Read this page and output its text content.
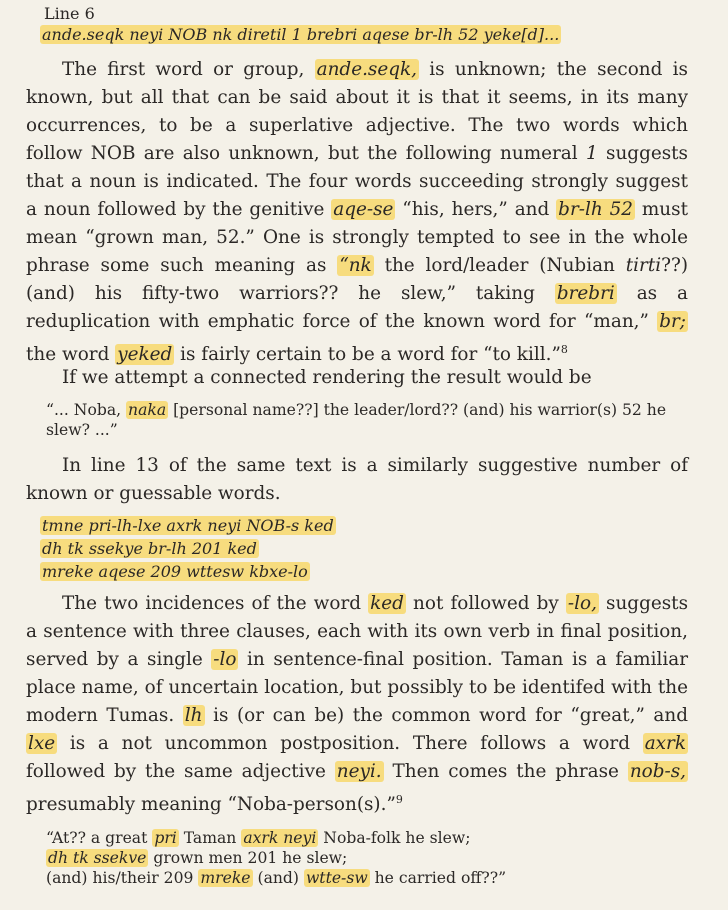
Line 6
ande.seqk neyi NOB nk diretil 1 brebri aqese br-lh 52 yeke[d]...
The first word or group, ande.seqk, is unknown; the second is known, but all that can be said about it is that it seems, in its many occurrences, to be a superlative adjective. The two words which follow NOB are also unknown, but the following numeral 1 suggests that a noun is indicated. The four words succeeding strongly suggest a noun followed by the genitive aqe-se “his, hers,” and br-lh 52 must mean “grown man, 52.” One is strongly tempted to see in the whole phrase some such meaning as “nk the lord/leader (Nubian tirti??) (and) his fifty-two warriors?? he slew,” taking brebri as a reduplication with emphatic force of the known word for “man,” br; the word yeked is fairly certain to be a word for “to kill.”$^8$
If we attempt a connected rendering the result would be
“... Noba, naka [personal name??] the leader/lord?? (and) his warrior(s) 52 he slew? ...”
In line 13 of the same text is a similarly suggestive number of known or guessable words.
tmne pri-lh-lxe axrk neyi NOB-s ked
dh tk ssekye br-lh 201 ked
mreke aqese 209 wttesw kbxe-lo
The two incidences of the word ked not followed by -lo, suggests a sentence with three clauses, each with its own verb in final position, served by a single -lo in sentence-final position. Taman is a familiar place name, of uncertain location, but possibly to be identifed with the modern Tumas. lh is (or can be) the common word for “great,” and lxe is a not uncommon postposition. There follows a word axrk followed by the same adjective neyi. Then comes the phrase nob-s, presumably meaning “Noba-person(s).”$^9$
“At?? a great pri Taman axrk neyi Noba-folk he slew;
dh tk ssekve grown men 201 he slew;
(and) his/their 209 mreke (and) wtte-sw he carried off??”
